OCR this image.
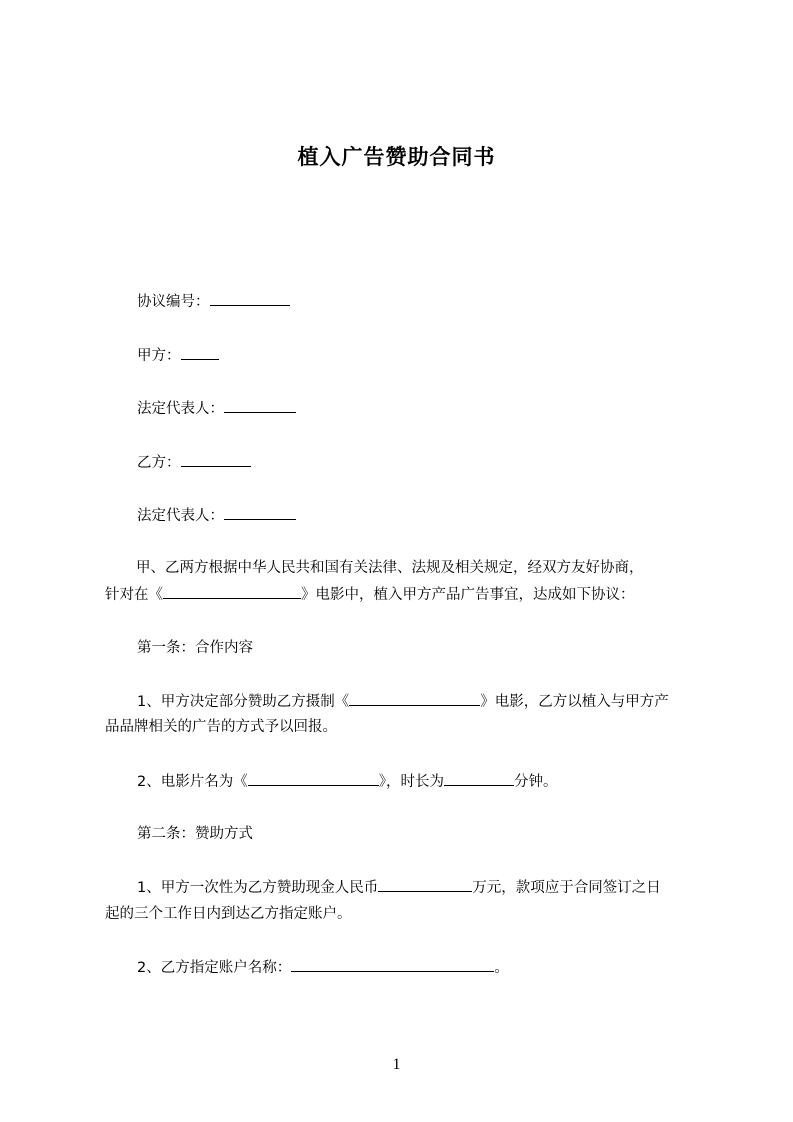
植入广告赞助合同书
协议编号：
甲方：
法定代表人：
乙方：
法定代表人：
甲、乙两方根据中华人民共和国有关法律、法规及相关规定，经双方友好协商，
针对在《	》电影中，植入甲方产品广告事宜，达成如下协议：
第一条：合作内容
1、甲方决定部分赞助乙方摄制《	》电影，乙方以植入与甲方产
品品牌相关的广告的方式予以回报。
2、电影片名为《	》，时长为	分钟。
第二条：赞助方式
1、甲方一次性为乙方赞助现金人民币	万元，款项应于合同签订之日
起的三个工作日内到达乙方指定账户。
2、乙方指定账户名称：	。
1
